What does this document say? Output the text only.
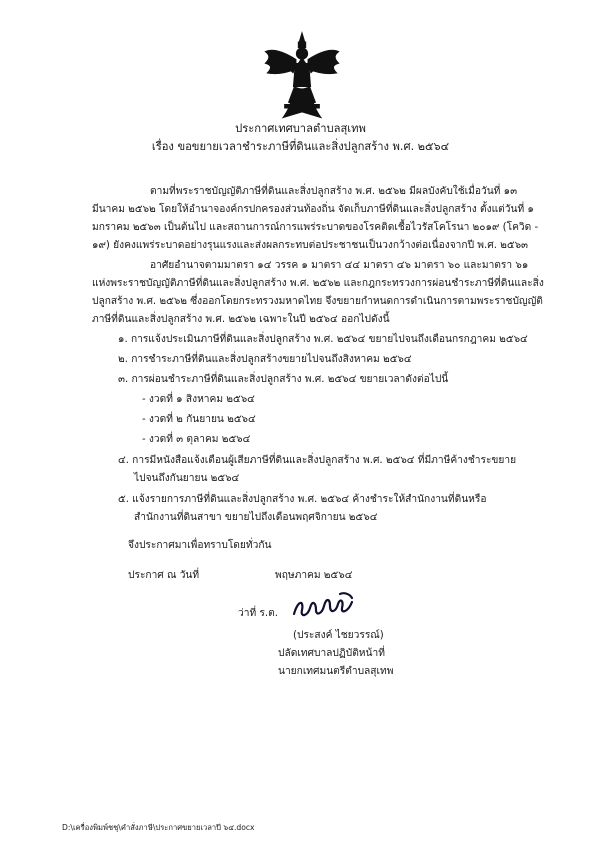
ประกาศเทศบาลตำบลสุเทพ
เรื่อง ขอขยายเวลาชำระภาษีที่ดินและสิ่งปลูกสร้าง พ.ศ. ๒๕๖๔
ตามที่พระราชบัญญัติภาษีที่ดินและสิ่งปลูกสร้าง พ.ศ. ๒๕๖๒ มีผลบังคับใช้เมื่อวันที่ ๑๓
มีนาคม ๒๕๖๒ โดยให้อำนาจองค์กรปกครองส่วนท้องถิ่น จัดเก็บภาษีที่ดินและสิ่งปลูกสร้าง ตั้งแต่วันที่ ๑
มกราคม ๒๕๖๓ เป็นต้นไป และสถานการณ์การแพร่ระบาดของโรคติดเชื้อไวรัสโคโรนา ๒๐๑๙ (โควิด -
๑๙) ยังคงแพร่ระบาดอย่างรุนแรงและส่งผลกระทบต่อประชาชนเป็นวงกว้างต่อเนื่องจากปี พ.ศ. ๒๕๖๓
อาศัยอำนาจตามมาตรา ๑๔ วรรค ๑ มาตรา ๔๔ มาตรา ๔๖ มาตรา ๖๐ และมาตรา ๖๑
แห่งพระราชบัญญัติภาษีที่ดินและสิ่งปลูกสร้าง พ.ศ. ๒๕๖๒ และกฎกระทรวงการผ่อนชำระภาษีที่ดินและสิ่ง
ปลูกสร้าง พ.ศ. ๒๕๖๒ ซึ่งออกโดยกระทรวงมหาดไทย จึงขยายกำหนดการดำเนินการตามพระราชบัญญัติ
ภาษีที่ดินและสิ่งปลูกสร้าง พ.ศ. ๒๕๖๒ เฉพาะในปี ๒๕๖๔ ออกไปดังนี้
๑. การแจ้งประเมินภาษีที่ดินและสิ่งปลูกสร้าง พ.ศ. ๒๕๖๔ ขยายไปจนถึงเดือนกรกฎาคม ๒๕๖๔
๒. การชำระภาษีที่ดินและสิ่งปลูกสร้างขยายไปจนถึงสิงหาคม ๒๕๖๔
๓. การผ่อนชำระภาษีที่ดินและสิ่งปลูกสร้าง พ.ศ. ๒๕๖๔ ขยายเวลาดังต่อไปนี้
- งวดที่ ๑ สิงหาคม ๒๕๖๔
- งวดที่ ๒ กันยายน ๒๕๖๔
- งวดที่ ๓ ตุลาคม ๒๕๖๔
๔. การมีหนังสือแจ้งเตือนผู้เสียภาษีที่ดินและสิ่งปลูกสร้าง พ.ศ. ๒๕๖๔ ที่มีภาษีค้างชำระขยาย
ไปจนถึงกันยายน ๒๕๖๔
๕. แจ้งรายการภาษีที่ดินและสิ่งปลูกสร้าง พ.ศ. ๒๕๖๔ ค้างชำระให้สำนักงานที่ดินหรือ
สำนักงานที่ดินสาขา ขยายไปถึงเดือนพฤศจิกายน ๒๕๖๔
จึงประกาศมาเพื่อทราบโดยทั่วกัน
ประกาศ ณ วันที่	พฤษภาคม ๒๕๖๔
ว่าที่ ร.ต.
(ประสงค์ ไชยวรรณ์)
ปลัดเทศบาลปฏิบัติหน้าที่
นายกเทศมนตรีตำบลสุเทพ
D:\เครื่องพิมพ์ชชุ\คำสั่งภาษี\ประกาศขยายเวลาปี ๖๔.docx
